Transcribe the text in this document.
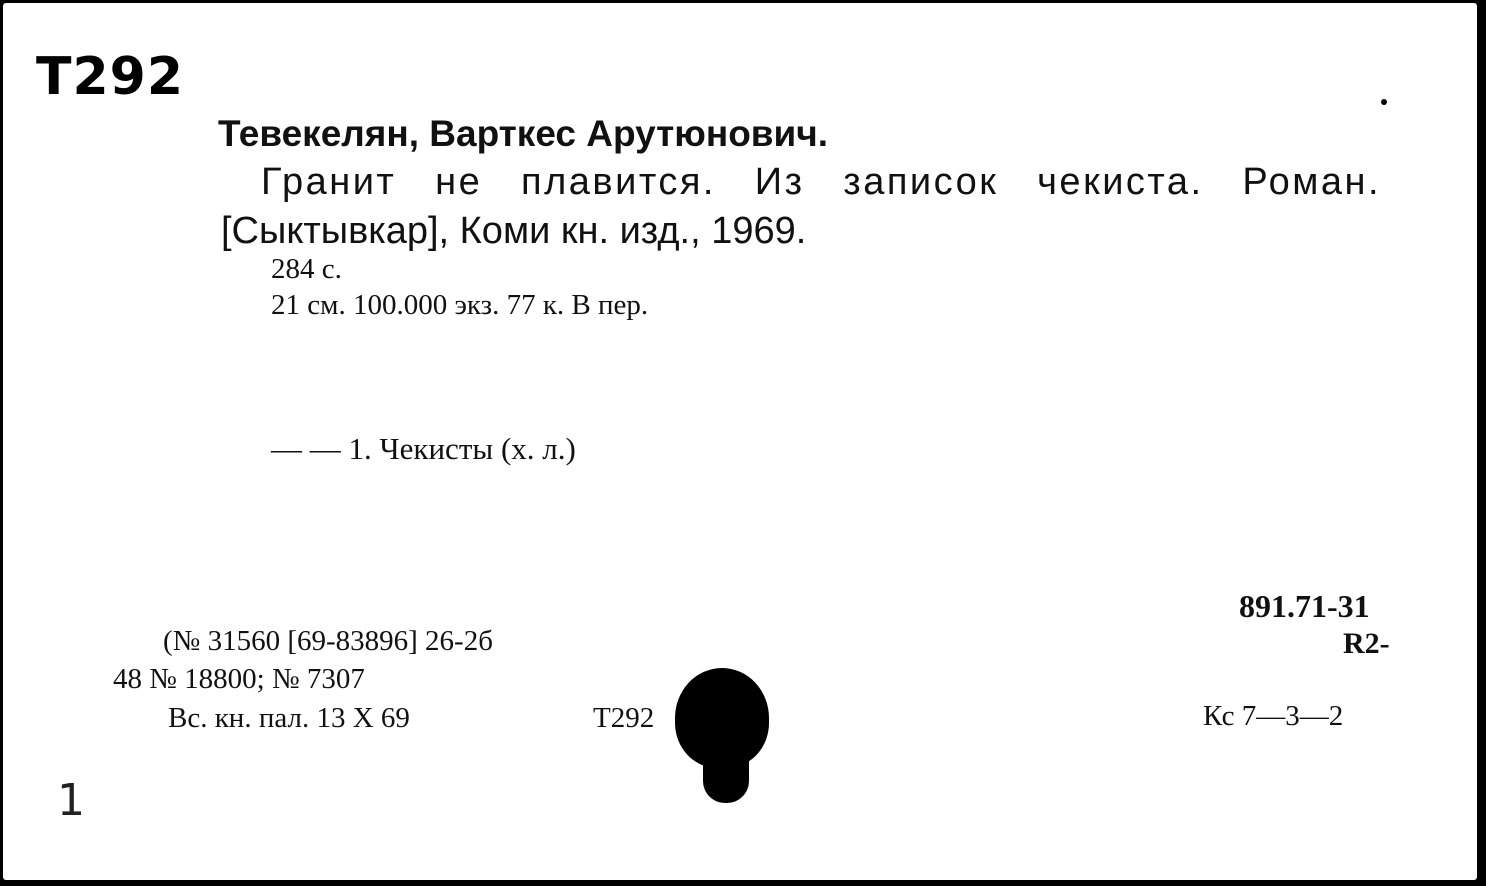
T292
Тевекелян, Варткес Арутюнович.
Гранит не плавится. Из записок чекиста. Роман.
[Сыктывкар], Коми кн. изд., 1969.
284 с.
21 см. 100.000 экз. 77 к. В пер.
— — 1. Чекисты (х. л.)
891.71-31
R2-
(№ 31560 [69-83896] 26-2б
48 № 18800; № 7307
Вс. кн. пал. 13 X 69	T292	Кс 7—3—2
1
